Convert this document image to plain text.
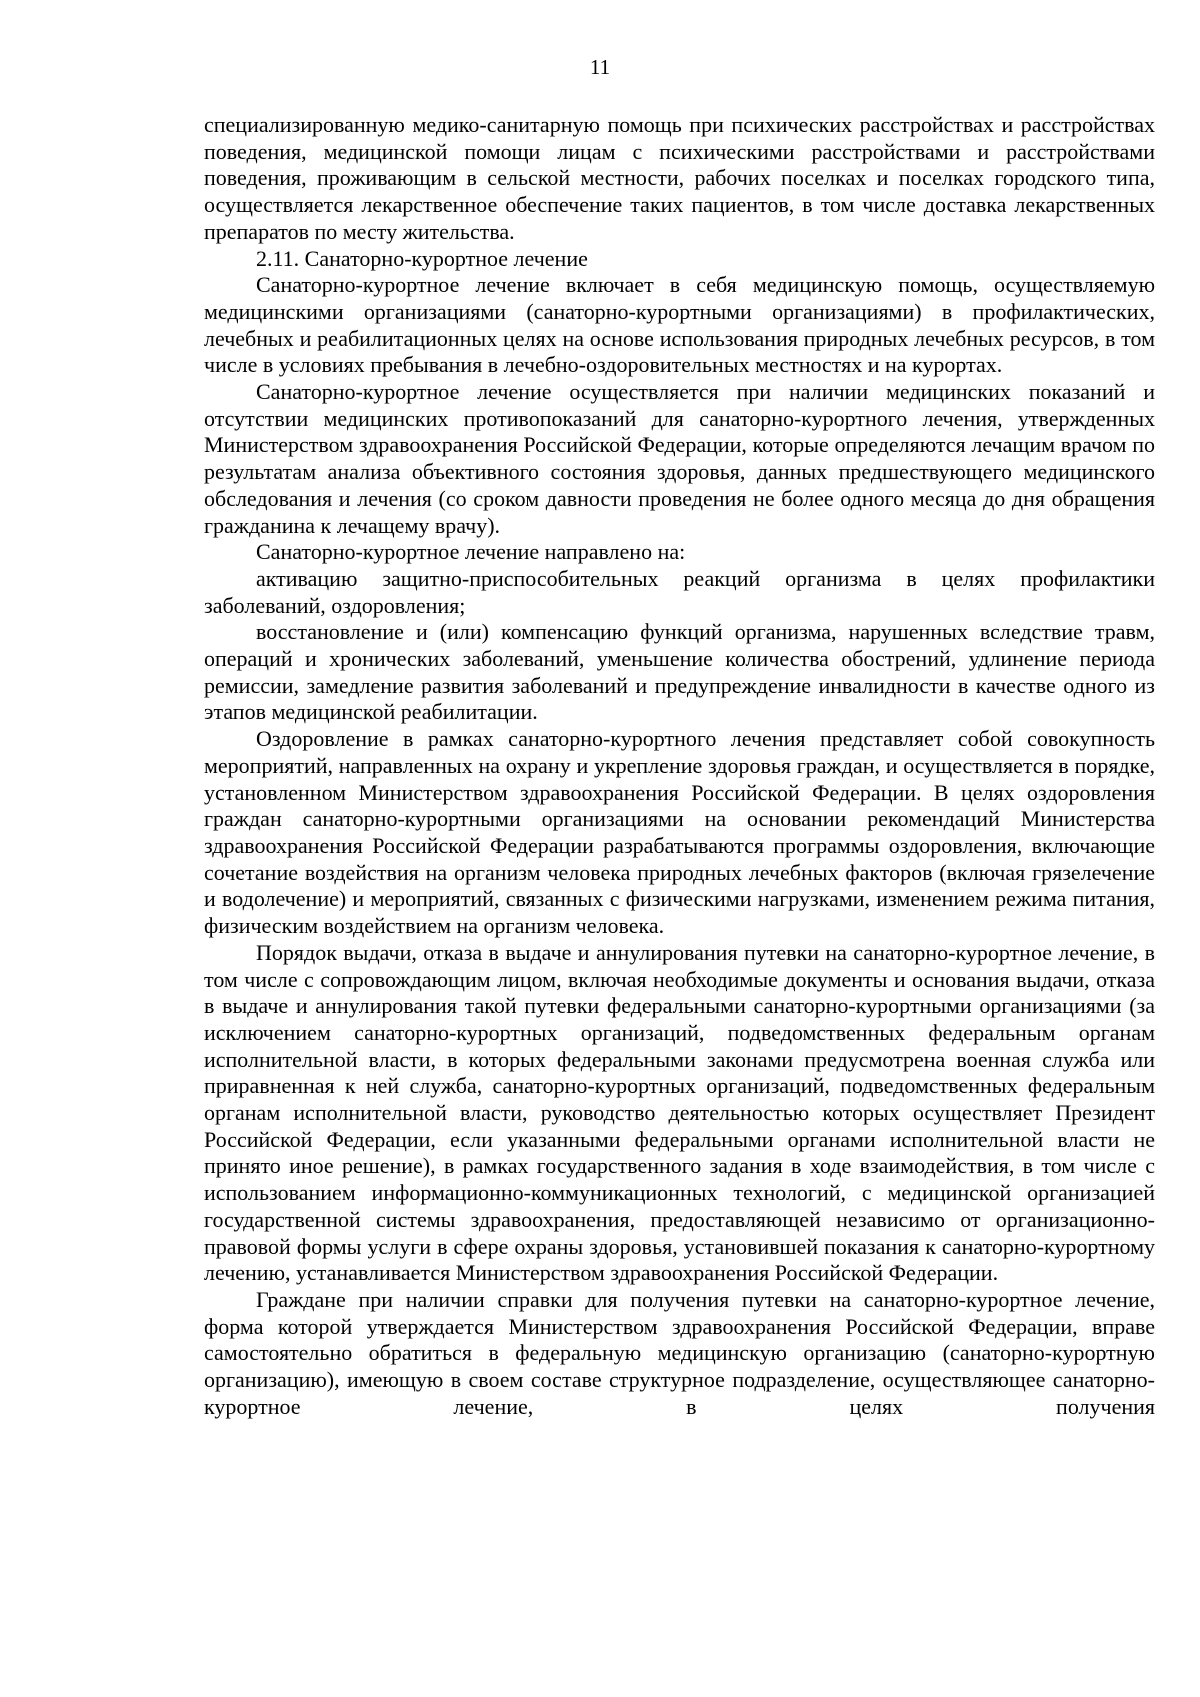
11

специализированную медико-санитарную помощь при психических расстройствах и расстройствах поведения, медицинской помощи лицам с психическими расстройствами и расстройствами поведения, проживающим в сельской местности, рабочих поселках и поселках городского типа, осуществляется лекарственное обеспечение таких пациентов, в том числе доставка лекарственных препаратов по месту жительства.

2.11. Санаторно-курортное лечение

Санаторно-курортное лечение включает в себя медицинскую помощь, осуществляемую медицинскими организациями (санаторно-курортными организациями) в профилактических, лечебных и реабилитационных целях на основе использования природных лечебных ресурсов, в том числе в условиях пребывания в лечебно-оздоровительных местностях и на курортах.

Санаторно-курортное лечение осуществляется при наличии медицинских показаний и отсутствии медицинских противопоказаний для санаторно-курортного лечения, утвержденных Министерством здравоохранения Российской Федерации, которые определяются лечащим врачом по результатам анализа объективного состояния здоровья, данных предшествующего медицинского обследования и лечения (со сроком давности проведения не более одного месяца до дня обращения гражданина к лечащему врачу).

Санаторно-курортное лечение направлено на:

активацию защитно-приспособительных реакций организма в целях профилактики заболеваний, оздоровления;

восстановление и (или) компенсацию функций организма, нарушенных вследствие травм, операций и хронических заболеваний, уменьшение количества обострений, удлинение периода ремиссии, замедление развития заболеваний и предупреждение инвалидности в качестве одного из этапов медицинской реабилитации.

Оздоровление в рамках санаторно-курортного лечения представляет собой совокупность мероприятий, направленных на охрану и укрепление здоровья граждан, и осуществляется в порядке, установленном Министерством здравоохранения Российской Федерации. В целях оздоровления граждан санаторно-курортными организациями на основании рекомендаций Министерства здравоохранения Российской Федерации разрабатываются программы оздоровления, включающие сочетание воздействия на организм человека природных лечебных факторов (включая грязелечение и водолечение) и мероприятий, связанных с физическими нагрузками, изменением режима питания, физическим воздействием на организм человека.

Порядок выдачи, отказа в выдаче и аннулирования путевки на санаторно-курортное лечение, в том числе с сопровождающим лицом, включая необходимые документы и основания выдачи, отказа в выдаче и аннулирования такой путевки федеральными санаторно-курортными организациями (за исключением санаторно-курортных организаций, подведомственных федеральным органам исполнительной власти, в которых федеральными законами предусмотрена военная служба или приравненная к ней служба, санаторно-курортных организаций, подведомственных федеральным органам исполнительной власти, руководство деятельностью которых осуществляет Президент Российской Федерации, если указанными федеральными органами исполнительной власти не принято иное решение), в рамках государственного задания в ходе взаимодействия, в том числе с использованием информационно-коммуникационных технологий, с медицинской организацией государственной системы здравоохранения, предоставляющей независимо от организационно-правовой формы услуги в сфере охраны здоровья, установившей показания к санаторно-курортному лечению, устанавливается Министерством здравоохранения Российской Федерации.

Граждане при наличии справки для получения путевки на санаторно-курортное лечение, форма которой утверждается Министерством здравоохранения Российской Федерации, вправе самостоятельно обратиться в федеральную медицинскую организацию (санаторно-курортную организацию), имеющую в своем составе структурное подразделение, осуществляющее санаторно-курортное лечение, в целях получения
